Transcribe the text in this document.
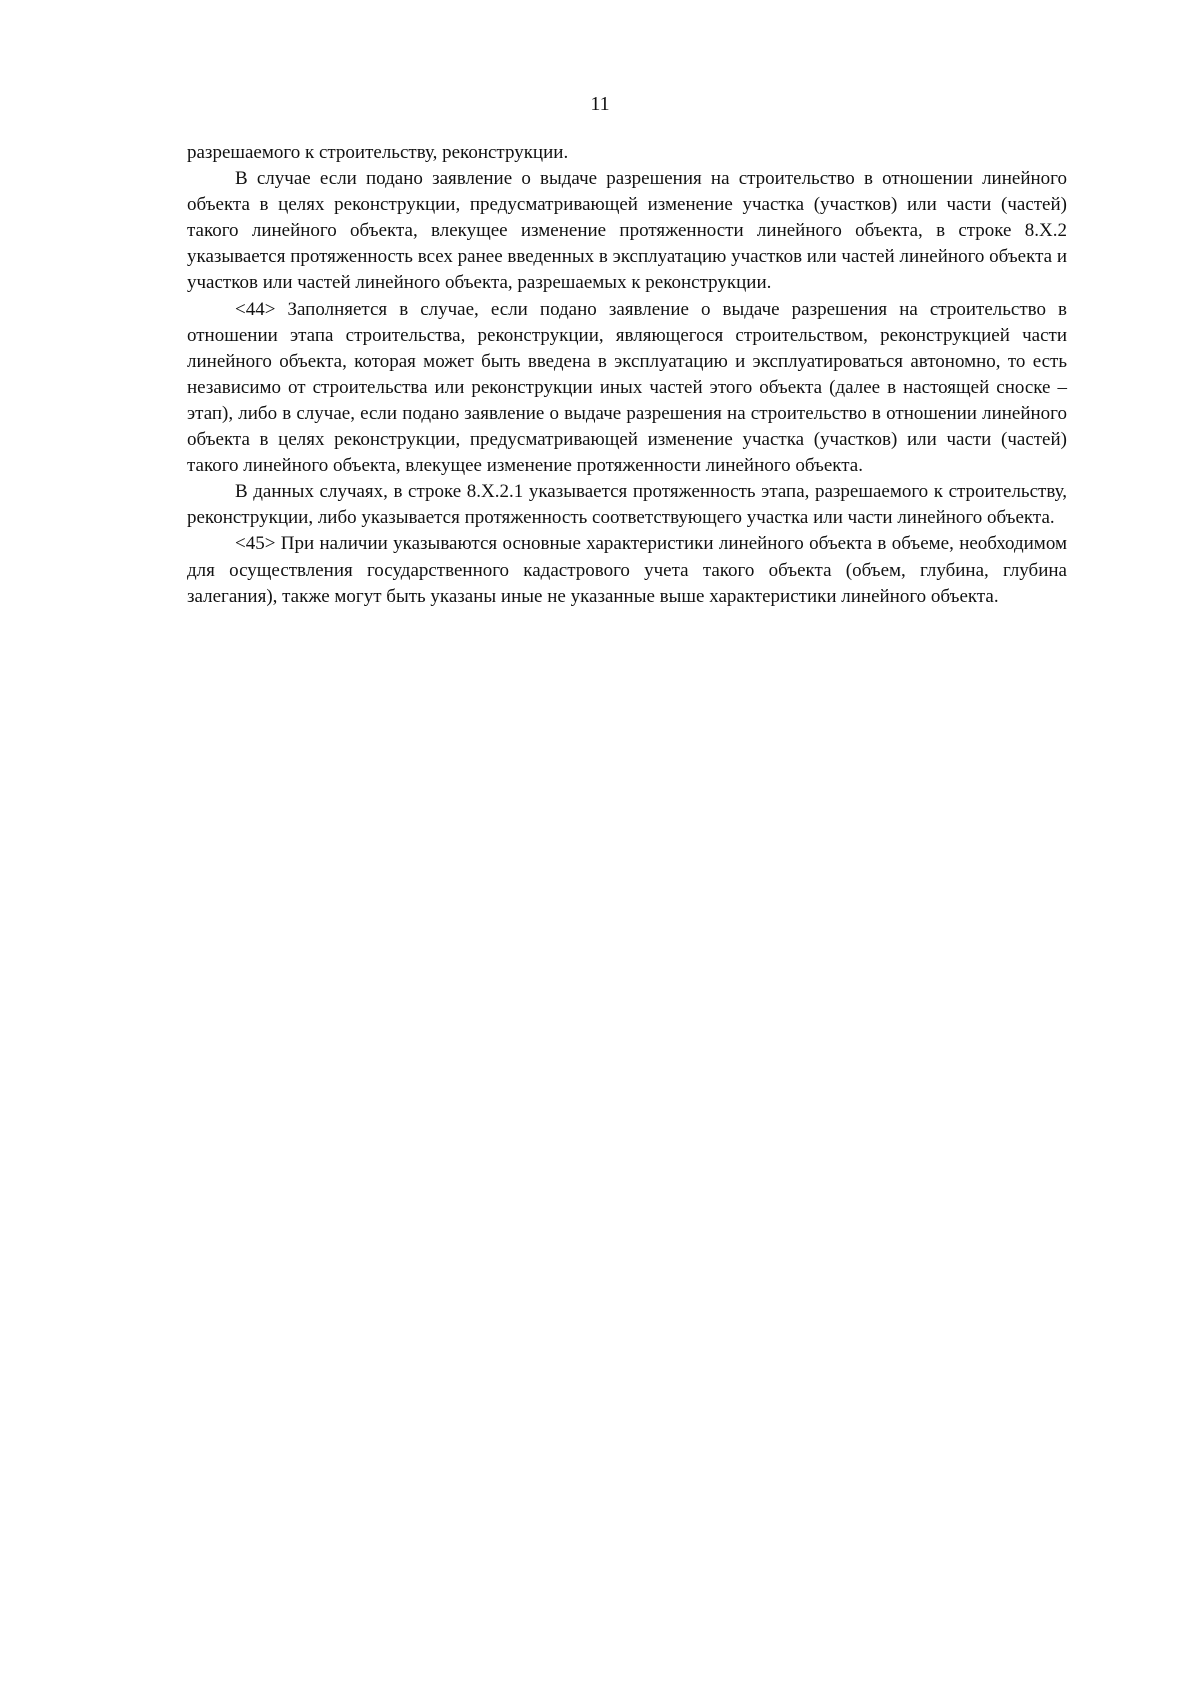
11

разрешаемого к строительству, реконструкции.

В случае если подано заявление о выдаче разрешения на строительство в отношении линейного объекта в целях реконструкции, предусматривающей изменение участка (участков) или части (частей) такого линейного объекта, влекущее изменение протяженности линейного объекта, в строке 8.X.2 указывается протяженность всех ранее введенных в эксплуатацию участков или частей линейного объекта и участков или частей линейного объекта, разрешаемых к реконструкции.

<44> Заполняется в случае, если подано заявление о выдаче разрешения на строительство в отношении этапа строительства, реконструкции, являющегося строительством, реконструкцией части линейного объекта, которая может быть введена в эксплуатацию и эксплуатироваться автономно, то есть независимо от строительства или реконструкции иных частей этого объекта (далее в настоящей сноске – этап), либо в случае, если подано заявление о выдаче разрешения на строительство в отношении линейного объекта в целях реконструкции, предусматривающей изменение участка (участков) или части (частей) такого линейного объекта, влекущее изменение протяженности линейного объекта.

В данных случаях, в строке 8.X.2.1 указывается протяженность этапа, разрешаемого к строительству, реконструкции, либо указывается протяженность соответствующего участка или части линейного объекта.

<45> При наличии указываются основные характеристики линейного объекта в объеме, необходимом для осуществления государственного кадастрового учета такого объекта (объем, глубина, глубина залегания), также могут быть указаны иные не указанные выше характеристики линейного объекта.
